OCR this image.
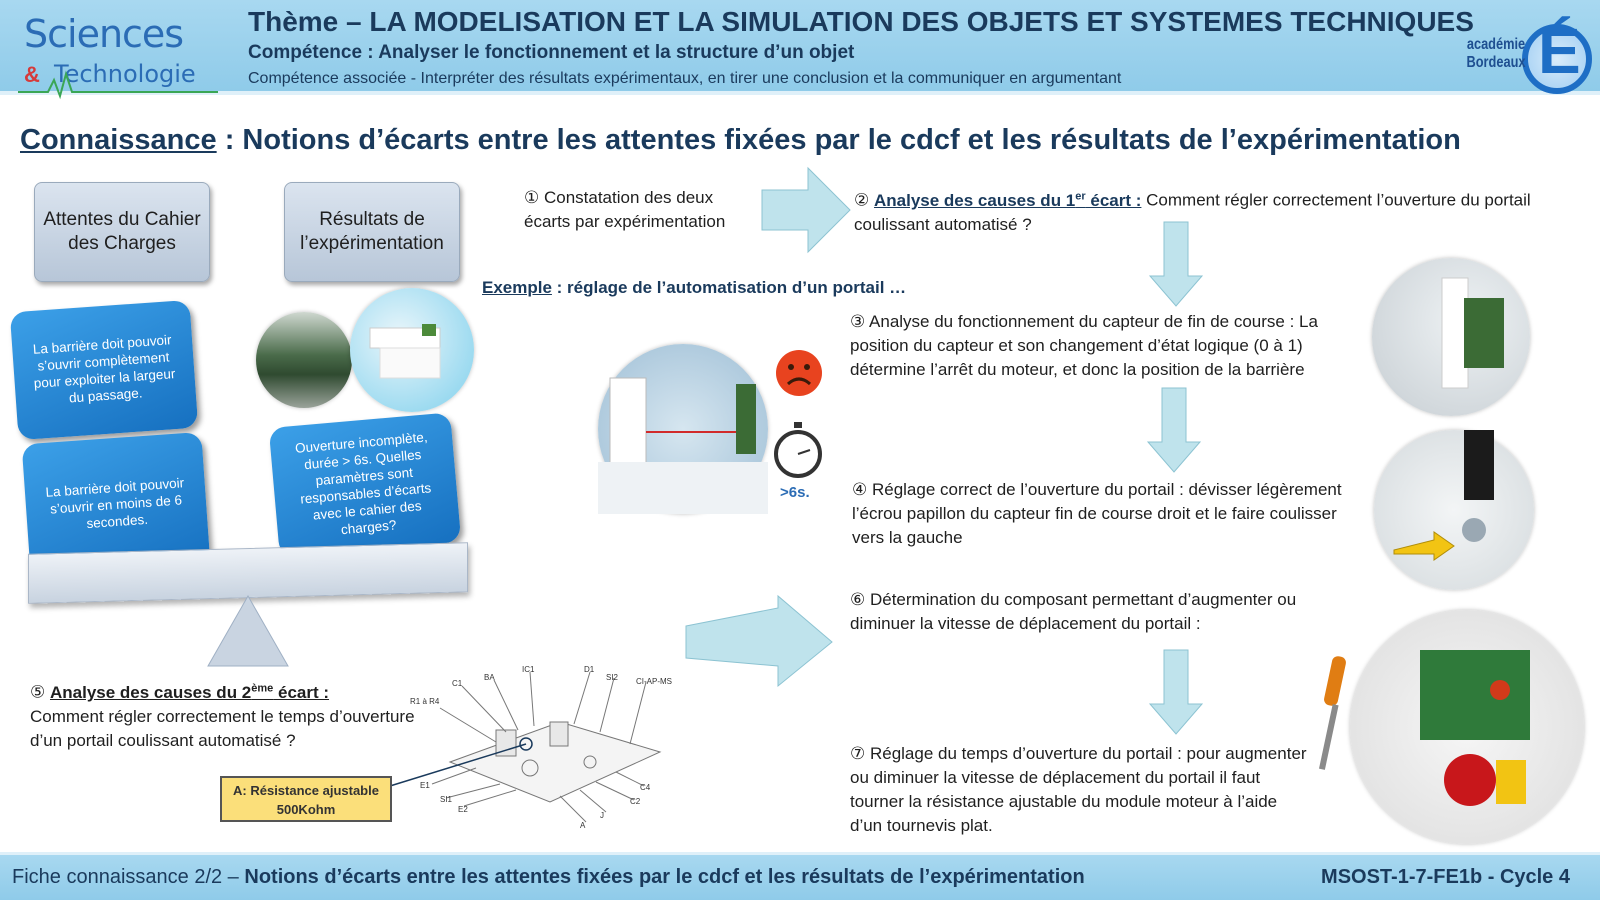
Sciences
& Technologie
Thème – LA MODELISATION ET LA SIMULATION DES OBJETS ET SYSTEMES TECHNIQUES
Compétence : Analyser le fonctionnement et la structure d’un objet
Compétence associée - Interpréter des résultats expérimentaux, en tirer une conclusion et la communiquer en argumentant	É
académie
Bordeaux
Connaissance : Notions d’écarts entre les attentes fixées par le cdcf et les résultats de l’expérimentation
Attentes du Cahier des Charges
Résultats de l’expérimentation
La barrière doit pouvoir s’ouvrir complètement pour exploiter la largeur du passage.
La barrière doit pouvoir s’ouvrir en moins de 6 secondes.
Ouverture incomplète, durée > 6s. Quelles paramètres sont responsables d’écarts avec le cahier des charges?
① Constatation des deux écarts par expérimentation
② Analyse des causes du 1er écart : Comment régler correctement l’ouverture du portail coulissant automatisé ?
Exemple : réglage de l’automatisation d’un portail …
>6s.
③ Analyse du fonctionnement du capteur de fin de course : La position du capteur et son changement d’état logique (0 à 1) détermine l’arrêt du moteur, et donc la position de la barrière
④ Réglage correct de l’ouverture du portail : dévisser légèrement l’écrou papillon du capteur fin de course droit et le faire coulisser vers la gauche
⑥ Détermination du composant permettant d’augmenter ou diminuer la vitesse de déplacement du portail :
⑦ Réglage du temps d’ouverture du portail : pour augmenter ou diminuer la vitesse de déplacement du portail il faut tourner la résistance ajustable du module moteur à l’aide d’un tournevis plat.
⑤ Analyse des causes du 2ème écart :
Comment régler correctement le temps d’ouverture d’un portail coulissant automatisé ?
R1 à R4
C1
BA
IC1	D1
SI2 CI-AP-MS
E1
SI1
E2
C4
C2
J
A
A: Résistance ajustable
500Kohm
Fiche connaissance 2/2 – Notions d’écarts entre les attentes fixées par le cdcf et les résultats de l’expérimentation	MSOST-1-7-FE1b - Cycle 4
